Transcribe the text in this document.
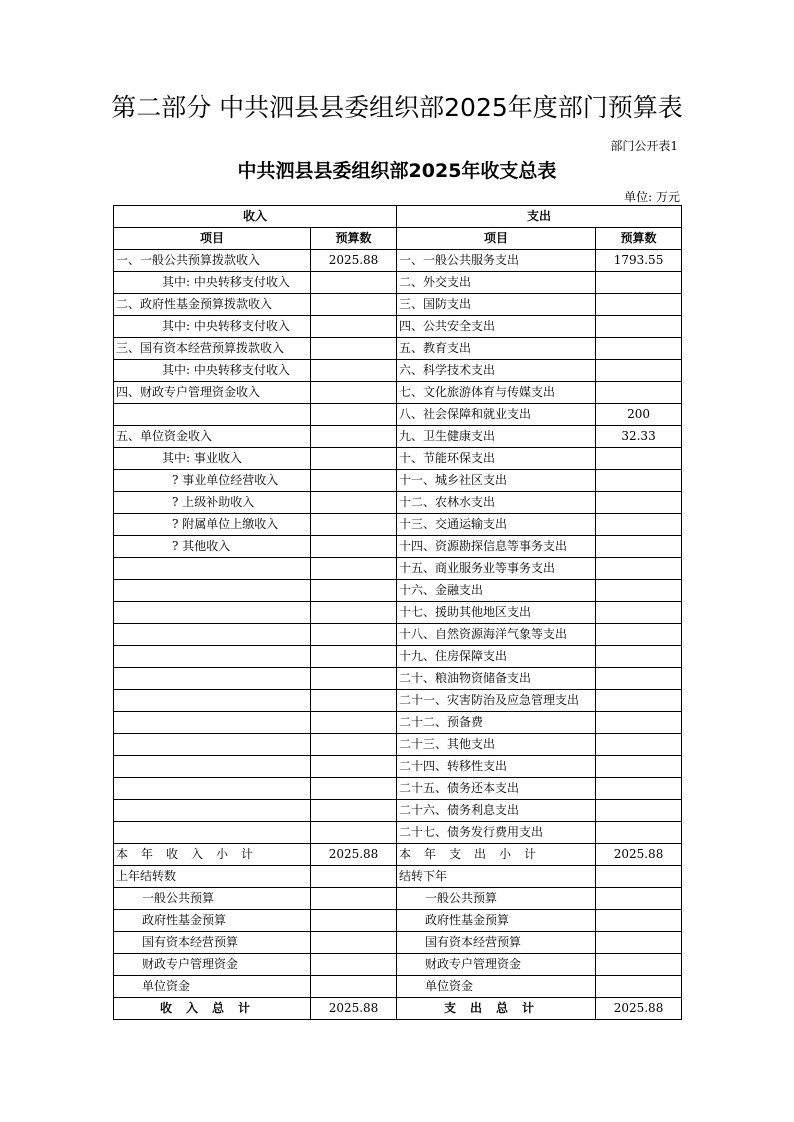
第二部分 中共泗县县委组织部2025年度部门预算表
部门公开表1
中共泗县县委组织部2025年收支总表
单位: 万元
收入		支出	
项目	预算数	项目	预算数
一、一般公共预算拨款收入	2025.88	一、一般公共服务支出	1793.55
其中: 中央转移支付收入		二、外交支出	
二、政府性基金预算拨款收入		三、国防支出	
其中: 中央转移支付收入		四、公共安全支出	
三、国有资本经营预算拨款收入		五、教育支出	
其中: 中央转移支付收入		六、科学技术支出	
四、财政专户管理资金收入		七、文化旅游体育与传媒支出	
		八、社会保障和就业支出	200
五、单位资金收入		九、卫生健康支出	32.33
其中: 事业收入		十、节能环保支出	
? 事业单位经营收入		十一、城乡社区支出	
? 上级补助收入		十二、农林水支出	
? 附属单位上缴收入		十三、交通运输支出	
? 其他收入		十四、资源勘探信息等事务支出	
		十五、商业服务业等事务支出	
		十六、金融支出	
		十七、援助其他地区支出	
		十八、自然资源海洋气象等支出	
		十九、住房保障支出	
		二十、粮油物资储备支出	
		二十一、灾害防治及应急管理支出	
		二十二、预备费	
		二十三、其他支出	
		二十四、转移性支出	
		二十五、债务还本支出	
		二十六、债务利息支出	
		二十七、债务发行费用支出	
本年收入小计	2025.88	本年支出小计	2025.88
上年结转数		结转下年	
一般公共预算		一般公共预算	
政府性基金预算		政府性基金预算	
国有资本经营预算		国有资本经营预算	
财政专户管理资金		财政专户管理资金	
单位资金		单位资金	
收入总计	2025.88	支出总计	2025.88
